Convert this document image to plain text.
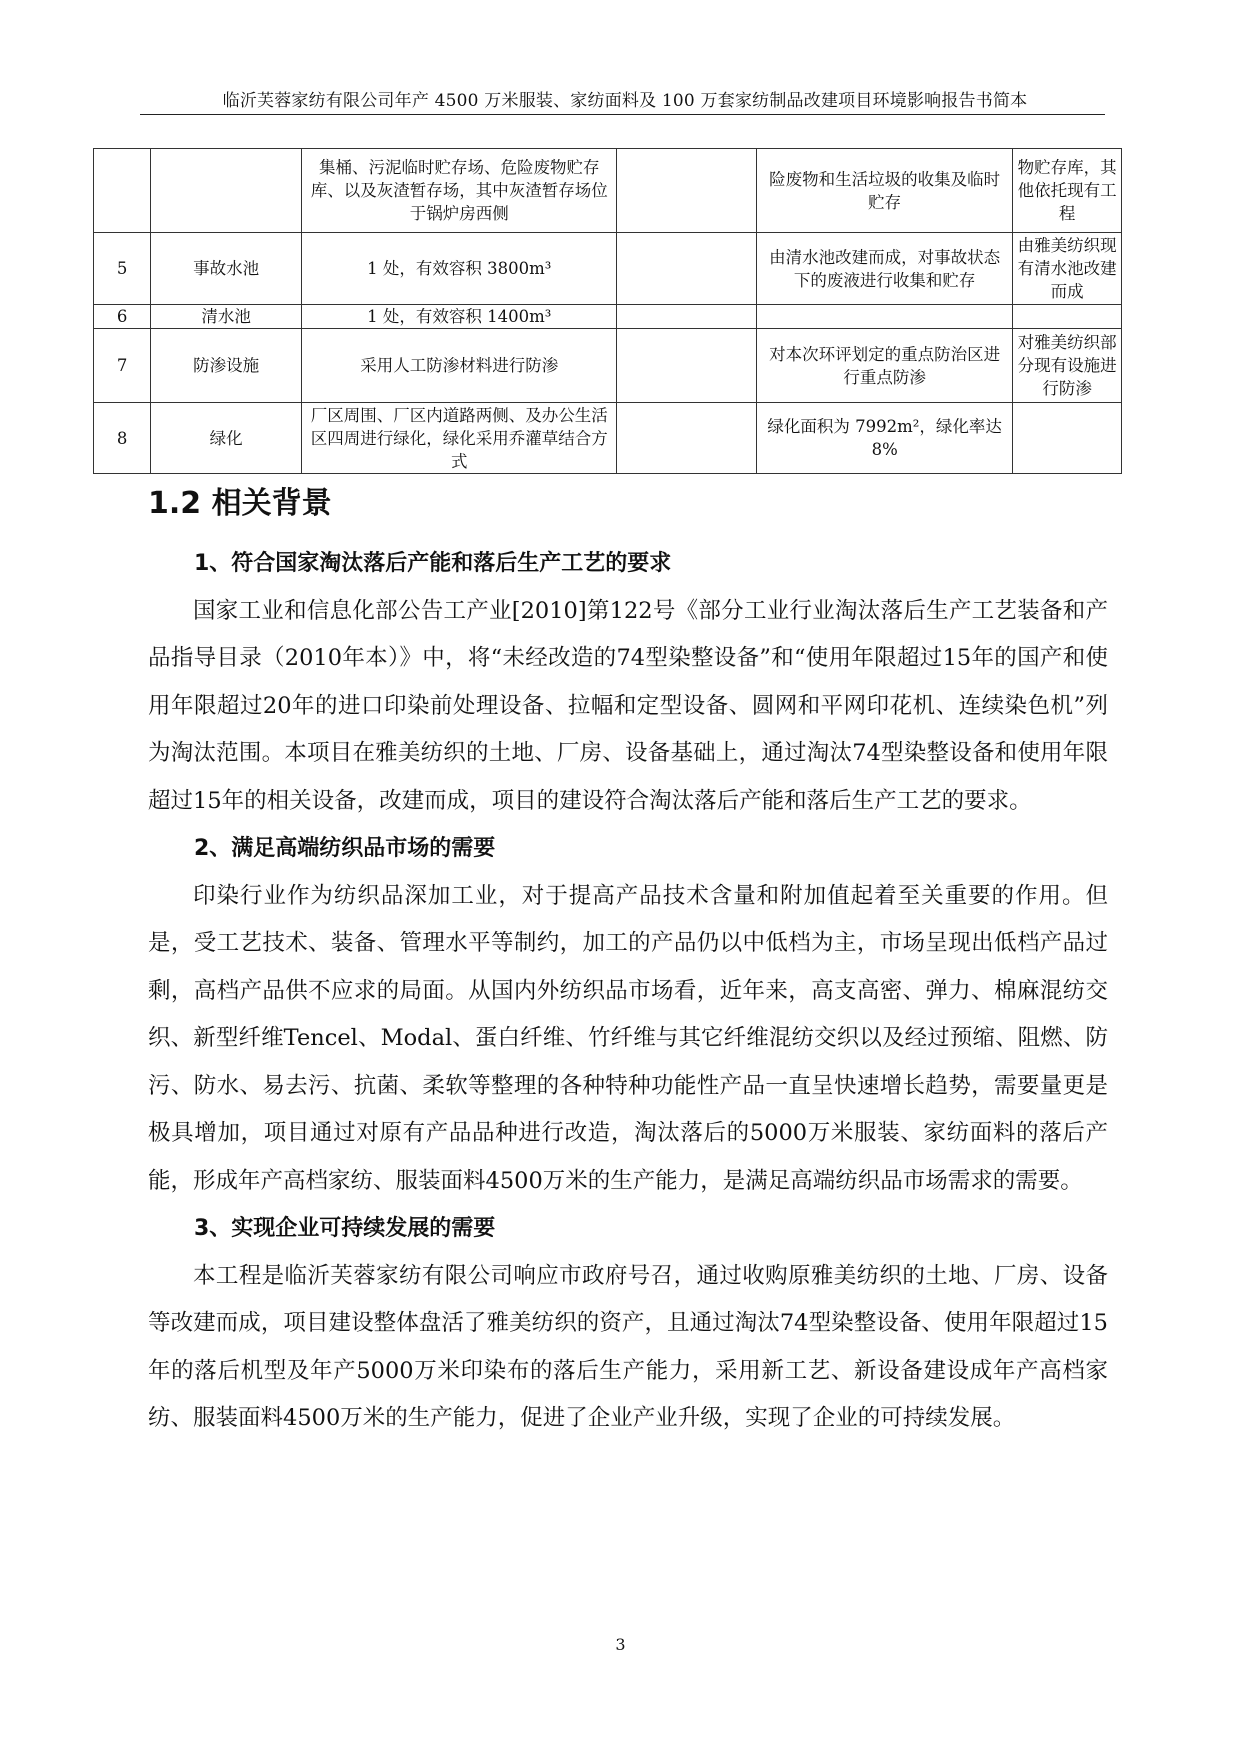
临沂芙蓉家纺有限公司年产 4500 万米服装、家纺面料及 100 万套家纺制品改建项目环境影响报告书简本
		集桶、污泥临时贮存场、危险废物贮存库、以及灰渣暂存场，其中灰渣暂存场位于锅炉房西侧		险废物和生活垃圾的收集及临时贮存	物贮存库，其他依托现有工程
5	事故水池	1 处，有效容积 3800m³		由清水池改建而成，对事故状态下的废液进行收集和贮存	由雅美纺织现有清水池改建而成
6	清水池	1 处，有效容积 1400m³			
7	防渗设施	采用人工防渗材料进行防渗		对本次环评划定的重点防治区进行重点防渗	对雅美纺织部分现有设施进行防渗
8	绿化	厂区周围、厂区内道路两侧、及办公生活区四周进行绿化，绿化采用乔灌草结合方式		绿化面积为 7992m²，绿化率达 8%	
1.2 相关背景
1、符合国家淘汰落后产能和落后生产工艺的要求

国家工业和信息化部公告工产业[2010]第122号《部分工业行业淘汰落后生产工艺装备和产品指导目录（2010年本）》中，将“未经改造的74型染整设备”和“使用年限超过15年的国产和使用年限超过20年的进口印染前处理设备、拉幅和定型设备、圆网和平网印花机、连续染色机”列为淘汰范围。本项目在雅美纺织的土地、厂房、设备基础上，通过淘汰74型染整设备和使用年限超过15年的相关设备，改建而成，项目的建设符合淘汰落后产能和落后生产工艺的要求。

2、满足高端纺织品市场的需要

印染行业作为纺织品深加工业，对于提高产品技术含量和附加值起着至关重要的作用。但是，受工艺技术、装备、管理水平等制约，加工的产品仍以中低档为主，市场呈现出低档产品过剩，高档产品供不应求的局面。从国内外纺织品市场看，近年来，高支高密、弹力、棉麻混纺交织、新型纤维Tencel、Modal、蛋白纤维、竹纤维与其它纤维混纺交织以及经过预缩、阻燃、防污、防水、易去污、抗菌、柔软等整理的各种特种功能性产品一直呈快速增长趋势，需要量更是极具增加，项目通过对原有产品品种进行改造，淘汰落后的5000万米服装、家纺面料的落后产能，形成年产高档家纺、服装面料4500万米的生产能力，是满足高端纺织品市场需求的需要。

3、实现企业可持续发展的需要

本工程是临沂芙蓉家纺有限公司响应市政府号召，通过收购原雅美纺织的土地、厂房、设备等改建而成，项目建设整体盘活了雅美纺织的资产，且通过淘汰74型染整设备、使用年限超过15年的落后机型及年产5000万米印染布的落后生产能力，采用新工艺、新设备建设成年产高档家纺、服装面料4500万米的生产能力，促进了企业产业升级，实现了企业的可持续发展。

3
